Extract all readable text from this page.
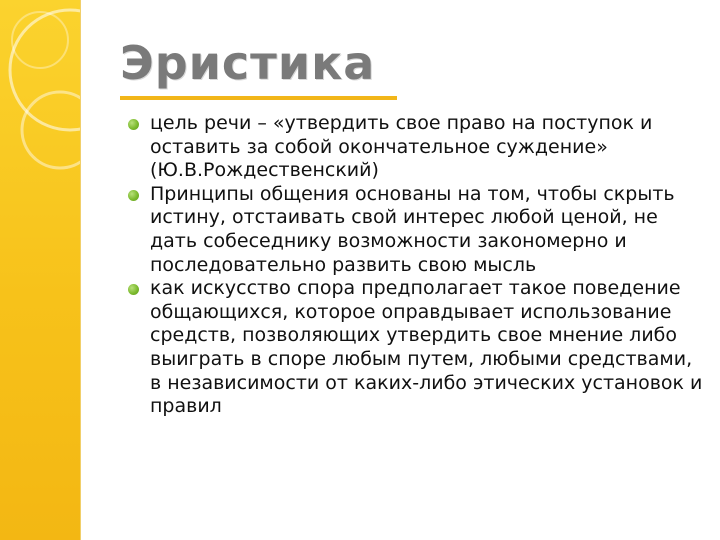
Эристика
цель речи – «утвердить свое право на поступок и оставить за собой окончательное суждение» (Ю.В.Рождественский)
Принципы общения основаны на том, чтобы скрыть истину, отстаивать свой интерес любой ценой, не дать собеседнику возможности закономерно и последовательно развить свою мысль
как искусство спора предполагает такое поведение общающихся, которое оправдывает использование средств, позволяющих утвердить свое мнение либо выиграть в споре любым путем, любыми средствами, в независимости от каких-либо этических установок и правил
